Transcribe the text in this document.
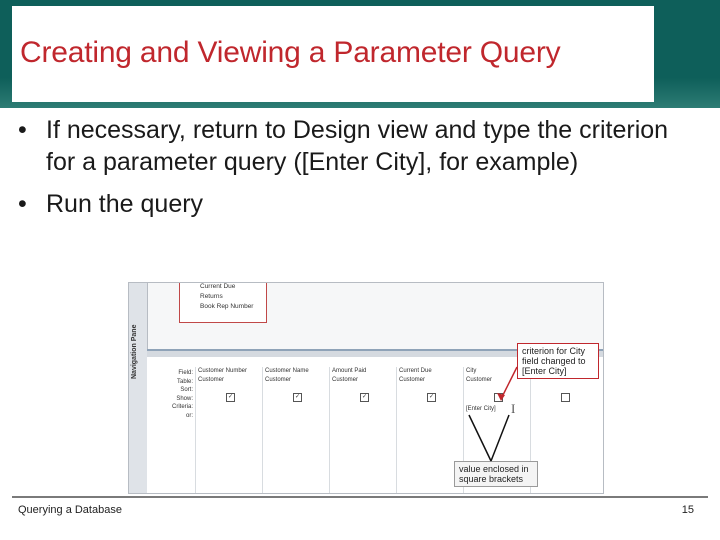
Creating and Viewing a Parameter Query
• If necessary, return to Design view and type the criterion for a parameter query ([Enter City], for example)
• Run the query
Navigation Pane
Current Due
Returns
Book Rep Number
Field:
Table:
Sort:
Show:
Criteria:
or:
Customer Number
Customer

✓
Customer Name
Customer

✓
Amount Paid
Customer

✓
Current Due
Customer

✓
City
Customer

[Enter City]

	I
criterion for City field changed to [Enter City]
value enclosed in square brackets
Querying a Database	15
